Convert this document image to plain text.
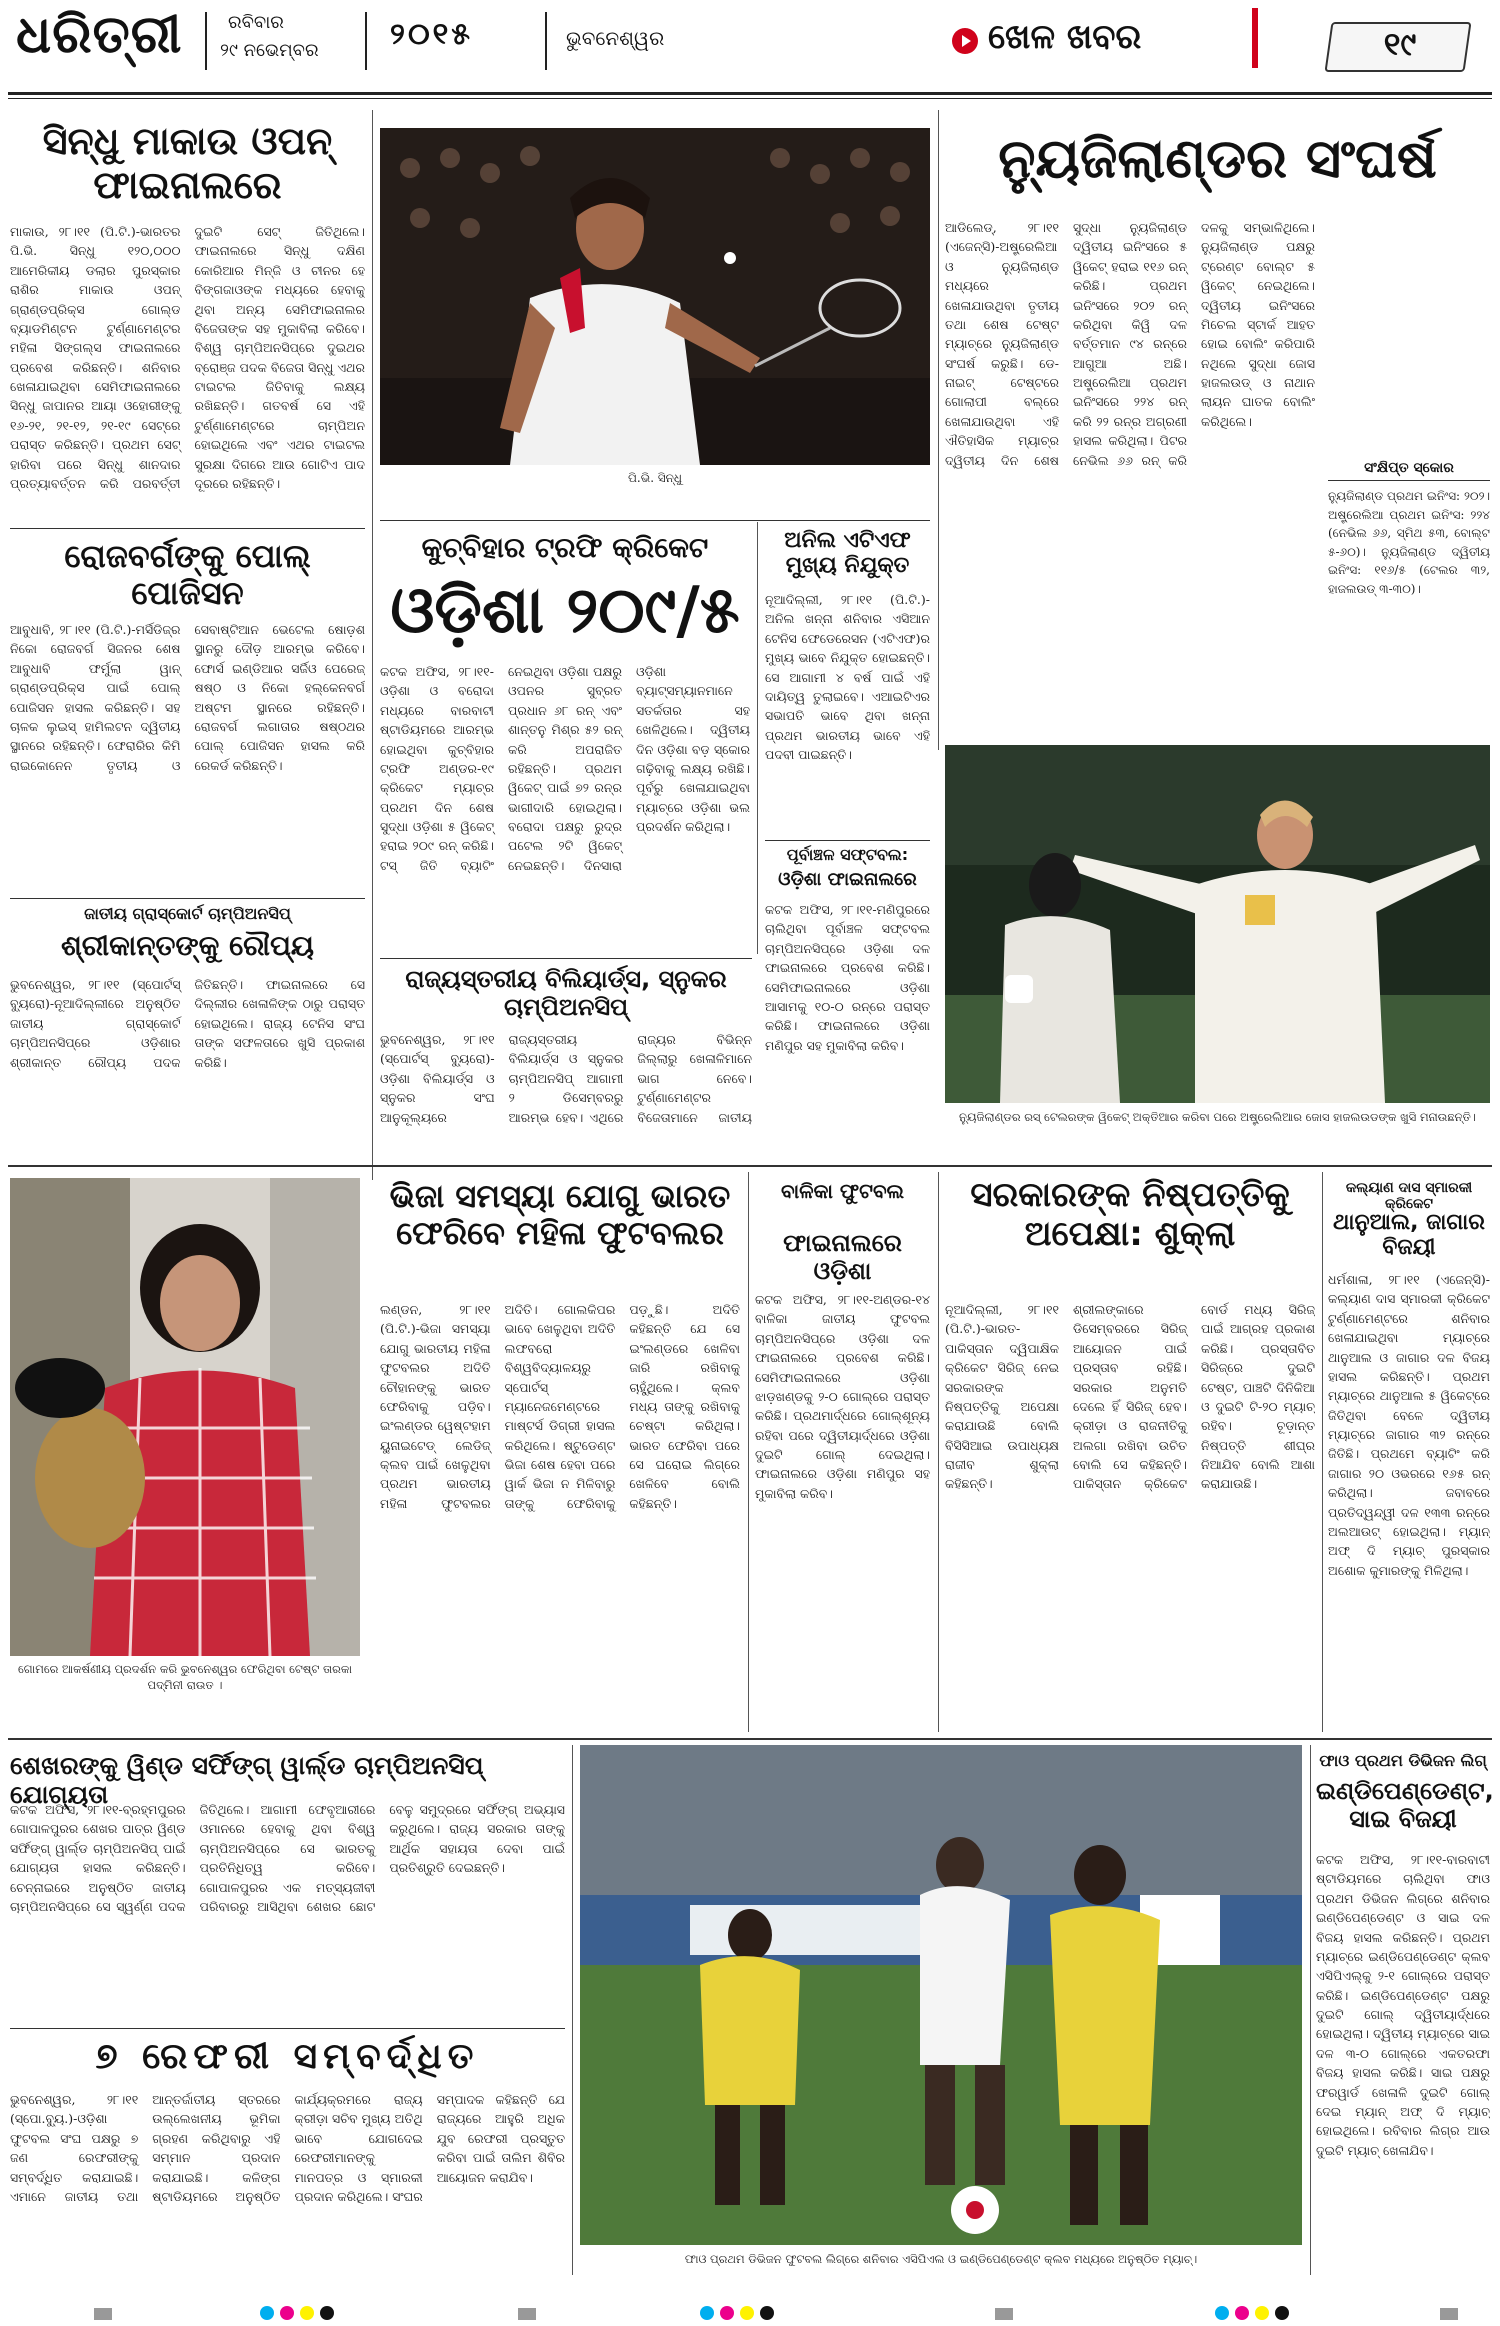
ଧରିତ୍ରୀ	ରବିବାର
୨୯ ନଭେମ୍ବର ୨୦୧୫	ଭୁବନେଶ୍ୱର	ଖେଳ ଖବର	୧୯
ସିନ୍ଧୁ ମାକାଉ ଓପନ୍ ଫାଇନାଲରେ
ମାକାଉ, ୨୮।୧୧ (ପି.ଟି.)-ଭାରତର ପି.ଭି. ସିନ୍ଧୁ ୧୨୦,୦୦୦ ଆମେରିକୀୟ ଡଲାର ପୁରସ୍କାର ରାଶିର ମାକାଉ ଓପନ୍ ଗ୍ରାଣ୍ଡପ୍ରିକ୍ସ ଗୋଲ୍ଡ ବ୍ୟାଡମିଣ୍ଟନ ଟୁର୍ଣ୍ଣାମେଣ୍ଟର ମହିଳା ସିଙ୍ଗଲ୍ସ ଫାଇନାଲରେ ପ୍ରବେଶ କରିଛନ୍ତି। ଶନିବାର ଖେଳାଯାଇଥିବା ସେମିଫାଇନାଲରେ ସିନ୍ଧୁ ଜାପାନର ଆୟା ଓହୋରୀଙ୍କୁ ୧୬-୨୧, ୨୧-୧୨, ୨୧-୧୯ ସେଟ୍‌ରେ ପରାସ୍ତ କରିଛନ୍ତି। ପ୍ରଥମ ସେଟ୍‌ ହାରିବା ପରେ ସିନ୍ଧୁ ଶାନଦାର ପ୍ରତ୍ୟାବର୍ତ୍ତନ କରି ପରବର୍ତ୍ତୀ ଦୁଇଟି ସେଟ୍‌ ଜିତିଥିଲେ। ଫାଇନାଲରେ ସିନ୍ଧୁ ଦକ୍ଷିଣ କୋରିଆର ମିନ୍ଜି ଓ ଚୀନର ହେ ବିଙ୍ଗଜାଓଙ୍କ ମଧ୍ୟରେ ହେବାକୁ ଥିବା ଅନ୍ୟ ସେମିଫାଇନାଲର ବିଜେତାଙ୍କ ସହ ମୁକାବିଲା କରିବେ। ବିଶ୍ୱ ଚାମ୍ପିଅନସିପ୍‌ରେ ଦୁଇଥର ବ୍ରୋଞ୍ଜ ପଦକ ବିଜେତା ସିନ୍ଧୁ ଏଥର ଟାଇଟଲ ଜିତିବାକୁ ଲକ୍ଷ୍ୟ ରଖିଛନ୍ତି। ଗତବର୍ଷ ସେ ଏହି ଟୁର୍ଣ୍ଣାମେଣ୍ଟରେ ଚାମ୍ପିଅନ ହୋଇଥିଲେ ଏବଂ ଏଥର ଟାଇଟଲ ସୁରକ୍ଷା ଦିଗରେ ଆଉ ଗୋଟିଏ ପାଦ ଦୂରରେ ରହିଛନ୍ତି।	ପି.ଭି. ସିନ୍ଧୁ
ନ୍ୟୁଜିଲାଣ୍ଡର ସଂଘର୍ଷ
ଆଡିଲେଡ୍, ୨୮।୧୧ (ଏଜେନ୍ସି)-ଅଷ୍ଟ୍ରେଲିଆ ଓ ନ୍ୟୁଜିଲାଣ୍ଡ ମଧ୍ୟରେ ଖେଳାଯାଉଥିବା ତୃତୀୟ ତଥା ଶେଷ ଟେଷ୍ଟ ମ୍ୟାଚ୍‌ରେ ନ୍ୟୁଜିଲାଣ୍ଡ ସଂଘର୍ଷ କରୁଛି। ଡେ-ନାଇଟ୍ ଟେଷ୍ଟରେ ଗୋଲାପୀ ବଲ୍‌ରେ ଖେଳାଯାଉଥିବା ଏହି ଐତିହାସିକ ମ୍ୟାଚ୍‌ର ଦ୍ୱିତୀୟ ଦିନ ଶେଷ ସୁଦ୍ଧା ନ୍ୟୁଜିଲାଣ୍ଡ ଦ୍ୱିତୀୟ ଇନିଂସରେ ୫ ୱିକେଟ୍ ହରାଇ ୧୧୬ ରନ୍ କରିଛି। ପ୍ରଥମ ଇନିଂସରେ ୨୦୨ ରନ୍ କରିଥିବା କିୱି ଦଳ ବର୍ତ୍ତମାନ ୯୪ ରନ୍‌ରେ ଆଗୁଆ ଅଛି। ଅଷ୍ଟ୍ରେଲିଆ ପ୍ରଥମ ଇନିଂସରେ ୨୨୪ ରନ୍ କରି ୨୨ ରନ୍‌ର ଅଗ୍ରଣୀ ହାସଲ କରିଥିଲା। ପିଟର ନେଭିଲ ୬୬ ରନ୍ କରି ଦଳକୁ ସମ୍ଭାଳିଥିଲେ। ନ୍ୟୁଜିଲାଣ୍ଡ ପକ୍ଷରୁ ଟ୍ରେଣ୍ଟ ବୋଲ୍ଟ ୫ ୱିକେଟ୍ ନେଇଥିଲେ। ଦ୍ୱିତୀୟ ଇନିଂସରେ ମିଚେଲ ସ୍ଟାର୍କ ଆହତ ହୋଇ ବୋଲିଂ କରିପାରି ନଥିଲେ ସୁଦ୍ଧା ଜୋସ ହାଜଲଉଡ୍ ଓ ନାଥାନ ଲାୟନ ଘାତକ ବୋଲିଂ କରିଥିଲେ।
ସଂକ୍ଷିପ୍ତ ସ୍କୋର
ନ୍ୟୁଜିଲାଣ୍ଡ ପ୍ରଥମ ଇନିଂସ: ୨୦୨। ଅଷ୍ଟ୍ରେଲିଆ ପ୍ରଥମ ଇନିଂସ: ୨୨୪ (ନେଭିଲ ୬୬, ସ୍ମିଥ ୫୩, ବୋଲ୍ଟ ୫-୬୦)। ନ୍ୟୁଜିଲାଣ୍ଡ ଦ୍ୱିତୀୟ ଇନିଂସ: ୧୧୬/୫ (ଟେଲର ୩୨, ହାଜଲଉଡ୍ ୩-୩୦)।
ରୋଜବର୍ଗଙ୍କୁ ପୋଲ୍ ପୋଜିସନ
ଆବୁଧାବି, ୨୮।୧୧ (ପି.ଟି.)-ମର୍ସିଡିଜ୍‌ର ନିକୋ ରୋଜବର୍ଗ ସିଜନର ଶେଷ ଆବୁଧାବି ଫର୍ମୁଲା ୱାନ୍ ଗ୍ରାଣ୍ଡପ୍ରିକ୍ସ ପାଇଁ ପୋଲ୍ ପୋଜିସନ ହାସଲ କରିଛନ୍ତି। ସହ ଚାଳକ ଲୁଇସ୍ ହାମିଲଟନ ଦ୍ୱିତୀୟ ସ୍ଥାନରେ ରହିଛନ୍ତି। ଫେରାରିର କିମି ରାଇକୋନେନ ତୃତୀୟ ଓ ସେବାଷ୍ଟିଆନ ଭେଟେଲ ଷୋଡ଼ଶ ସ୍ଥାନରୁ ଦୌଡ଼ ଆରମ୍ଭ କରିବେ। ଫୋର୍ସ ଇଣ୍ଡିଆର ସର୍ଜିଓ ପେରେଜ୍ ଷଷ୍ଠ ଓ ନିକୋ ହଲ୍‌କେନବର୍ଗ ଅଷ୍ଟମ ସ୍ଥାନରେ ରହିଛନ୍ତି। ରୋଜବର୍ଗ ଲଗାତାର ଷଷ୍ଠଥର ପୋଲ୍ ପୋଜିସନ ହାସଲ କରି ରେକର୍ଡ କରିଛନ୍ତି।
ଜାତୀୟ ଗ୍ରାସ୍କୋର୍ଟ ଚାମ୍ପିଅନସିପ୍
ଶ୍ରୀକାନ୍ତଙ୍କୁ ରୌପ୍ୟ
ଭୁବନେଶ୍ୱର, ୨୮।୧୧ (ସ୍ପୋର୍ଟସ୍ ବ୍ୟୁରୋ)-ନୂଆଦିଲ୍ଲୀରେ ଅନୁଷ୍ଠିତ ଜାତୀୟ ଗ୍ରାସ୍କୋର୍ଟ ଚାମ୍ପିଅନସିପ୍‌ରେ ଓଡ଼ିଶାର ଶ୍ରୀକାନ୍ତ ରୌପ୍ୟ ପଦକ ଜିତିଛନ୍ତି। ଫାଇନାଲରେ ସେ ଦିଲ୍ଲୀର ଖେଳାଳିଙ୍କ ଠାରୁ ପରାସ୍ତ ହୋଇଥିଲେ। ରାଜ୍ୟ ଟେନିସ ସଂଘ ତାଙ୍କ ସଫଳତାରେ ଖୁସି ପ୍ରକାଶ କରିଛି।
କୁଚ୍‌ବିହାର ଟ୍ରଫି କ୍ରିକେଟ
ଓଡ଼ିଶା ୨୦୯/୫
କଟକ ଅଫିସ, ୨୮।୧୧-ଓଡ଼ିଶା ଓ ବରୋଦା ମଧ୍ୟରେ ବାରବାଟୀ ଷ୍ଟାଡିୟମରେ ଆରମ୍ଭ ହୋଇଥିବା କୁଚ୍‌ବିହାର ଟ୍ରଫି ଅଣ୍ଡର-୧୯ କ୍ରିକେଟ ମ୍ୟାଚ୍‌ର ପ୍ରଥମ ଦିନ ଶେଷ ସୁଦ୍ଧା ଓଡ଼ିଶା ୫ ୱିକେଟ୍ ହରାଇ ୨୦୯ ରନ୍ କରିଛି। ଟସ୍ ଜିତି ବ୍ୟାଟିଂ ନେଇଥିବା ଓଡ଼ିଶା ପକ୍ଷରୁ ଓପନର ସୁବ୍ରତ ପ୍ରଧାନ ୬୮ ରନ୍ ଏବଂ ଶାନ୍ତନୁ ମିଶ୍ର ୫୨ ରନ୍ କରି ଅପରାଜିତ ରହିଛନ୍ତି। ପ୍ରଥମ ୱିକେଟ୍ ପାଇଁ ୭୨ ରନ୍‌ର ଭାଗୀଦାରି ହୋଇଥିଲା। ବରୋଦା ପକ୍ଷରୁ ରୁଦ୍ର ପଟେଲ ୨ଟି ୱିକେଟ୍ ନେଇଛନ୍ତି। ଦିନସାରା ଓଡ଼ିଶା ବ୍ୟାଟ୍ସମ୍ୟାନମାନେ ସତର୍କତାର ସହ ଖେଳିଥିଲେ। ଦ୍ୱିତୀୟ ଦିନ ଓଡ଼ିଶା ବଡ଼ ସ୍କୋର ଗଢ଼ିବାକୁ ଲକ୍ଷ୍ୟ ରଖିଛି। ପୂର୍ବରୁ ଖେଳାଯାଇଥିବା ମ୍ୟାଚ୍‌ରେ ଓଡ଼ିଶା ଭଲ ପ୍ରଦର୍ଶନ କରିଥିଲା।
ଅନିଲ ଏଟିଏଫ ମୁଖ୍ୟ ନିଯୁକ୍ତ
ନୂଆଦିଲ୍ଲୀ, ୨୮।୧୧ (ପି.ଟି.)-ଅନିଲ ଖନ୍ନା ଶନିବାର ଏସିଆନ ଟେନିସ ଫେଡେରେସନ (ଏଟିଏଫ)ର ମୁଖ୍ୟ ଭାବେ ନିଯୁକ୍ତ ହୋଇଛନ୍ତି। ସେ ଆଗାମୀ ୪ ବର୍ଷ ପାଇଁ ଏହି ଦାୟିତ୍ୱ ତୁଲାଇବେ। ଏଆଇଟିଏର ସଭାପତି ଭାବେ ଥିବା ଖନ୍ନା ପ୍ରଥମ ଭାରତୀୟ ଭାବେ ଏହି ପଦବୀ ପାଇଛନ୍ତି।
ପୂର୍ବାଞ୍ଚଳ ସଫ୍ଟବଲ:
ଓଡ଼ିଶା ଫାଇନାଲରେ
କଟକ ଅଫିସ, ୨୮।୧୧-ମଣିପୁରରେ ଚାଲିଥିବା ପୂର୍ବାଞ୍ଚଳ ସଫ୍ଟବଲ ଚାମ୍ପିଅନସିପ୍‌ରେ ଓଡ଼ିଶା ଦଳ ଫାଇନାଲରେ ପ୍ରବେଶ କରିଛି। ସେମିଫାଇନାଲରେ ଓଡ଼ିଶା ଆସାମକୁ ୧୦-୦ ରନ୍‌ରେ ପରାସ୍ତ କରିଛି। ଫାଇନାଲରେ ଓଡ଼ିଶା ମଣିପୁର ସହ ମୁକାବିଲା କରିବ।
ରାଜ୍ୟସ୍ତରୀୟ ବିଲିୟାର୍ଡ୍ସ, ସ୍ନୁକର ଚାମ୍ପିଅନସିପ୍
ଭୁବନେଶ୍ୱର, ୨୮।୧୧ (ସ୍ପୋର୍ଟସ୍ ବ୍ୟୁରୋ)-ଓଡ଼ିଶା ବିଲିୟାର୍ଡ୍ସ ଓ ସ୍ନୁକର ସଂଘ ଆନୁକୂଲ୍ୟରେ ରାଜ୍ୟସ୍ତରୀୟ ବିଲିୟାର୍ଡ୍ସ ଓ ସ୍ନୁକର ଚାମ୍ପିଅନସିପ୍ ଆଗାମୀ ୨ ଡିସେମ୍ବରରୁ ଆରମ୍ଭ ହେବ। ଏଥିରେ ରାଜ୍ୟର ବିଭିନ୍ନ ଜିଲ୍ଲାରୁ ଖେଳାଳିମାନେ ଭାଗ ନେବେ। ଟୁର୍ଣ୍ଣାମେଣ୍ଟର ବିଜେତାମାନେ ଜାତୀୟ	ନ୍ୟୁଜିଲାଣ୍ଡର ରସ୍ ଟେଲରଙ୍କ ୱିକେଟ୍ ଅକ୍ତିଆର କରିବା ପରେ ଅଷ୍ଟ୍ରେଲିଆର ଜୋସ ହାଜଲଉଡଙ୍କ ଖୁସି ମନାଉଛନ୍ତି।
ଗୋମରେ ଆକର୍ଷଣୀୟ ପ୍ରଦର୍ଶନ କରି ଭୁବନେଶ୍ୱର ଫେରିଥିବା ଟେଷ୍ଟ ତାରକା ପଦ୍ମିନୀ ରାଉତ ।
ଭିଜା ସମସ୍ୟା ଯୋଗୁ ଭାରତ ଫେରିବେ ମହିଳା ଫୁଟବଲର
ଲଣ୍ଡନ, ୨୮।୧୧ (ପି.ଟି.)-ଭିଜା ସମସ୍ୟା ଯୋଗୁ ଭାରତୀୟ ମହିଳା ଫୁଟବଲର ଅଦିତି ଚୌହାନଙ୍କୁ ଭାରତ ଫେରିବାକୁ ପଡ଼ିବ। ଇଂଲଣ୍ଡର ୱେଷ୍ଟହାମ ୟୁନାଇଟେଡ୍ ଲେଡିଜ୍ କ୍ଲବ ପାଇଁ ଖେଳୁଥିବା ପ୍ରଥମ ଭାରତୀୟ ମହିଳା ଫୁଟବଲର ଅଦିତି। ଗୋଲକିପର ଭାବେ ଖେଳୁଥିବା ଅଦିତି ଲଫବରୋ ବିଶ୍ୱବିଦ୍ୟାଳୟରୁ ସ୍ପୋର୍ଟସ୍ ମ୍ୟାନେଜମେଣ୍ଟରେ ମାଷ୍ଟର୍ସ ଡିଗ୍ରୀ ହାସଲ କରିଥିଲେ। ଷ୍ଟୁଡେଣ୍ଟ ଭିଜା ଶେଷ ହେବା ପରେ ୱାର୍କ ଭିଜା ନ ମିଳିବାରୁ ତାଙ୍କୁ ଫେରିବାକୁ ପଡ଼ୁଛି। ଅଦିତି କହିଛନ୍ତି ଯେ ସେ ଇଂଲଣ୍ଡରେ ଖେଳିବା ଜାରି ରଖିବାକୁ ଚାହୁଁଥିଲେ। କ୍ଲବ ମଧ୍ୟ ତାଙ୍କୁ ରଖିବାକୁ ଚେଷ୍ଟା କରିଥିଲା। ଭାରତ ଫେରିବା ପରେ ସେ ଘରୋଇ ଲିଗ୍‌ରେ ଖେଳିବେ ବୋଲି କହିଛନ୍ତି।
ବାଳିକା ଫୁଟବଲ
ଫାଇନାଲରେ ଓଡ଼ିଶା
କଟକ ଅଫିସ, ୨୮।୧୧-ଅଣ୍ଡର-୧୪ ବାଳିକା ଜାତୀୟ ଫୁଟବଲ ଚାମ୍ପିଅନସିପ୍‌ରେ ଓଡ଼ିଶା ଦଳ ଫାଇନାଲରେ ପ୍ରବେଶ କରିଛି। ସେମିଫାଇନାଲରେ ଓଡ଼ିଶା ଝାଡ଼ଖଣ୍ଡକୁ ୨-୦ ଗୋଲ୍‌ରେ ପରାସ୍ତ କରିଛି। ପ୍ରଥମାର୍ଦ୍ଧରେ ଗୋଲ୍‌ଶୂନ୍ୟ ରହିବା ପରେ ଦ୍ୱିତୀୟାର୍ଦ୍ଧରେ ଓଡ଼ିଶା ଦୁଇଟି ଗୋଲ୍ ଦେଇଥିଲା। ଫାଇନାଲରେ ଓଡ଼ିଶା ମଣିପୁର ସହ ମୁକାବିଲା କରିବ।
ସରକାରଙ୍କ ନିଷ୍ପତ୍ତିକୁ ଅପେକ୍ଷା: ଶୁକ୍ଲା
ନୂଆଦିଲ୍ଲୀ, ୨୮।୧୧ (ପି.ଟି.)-ଭାରତ-ପାକିସ୍ତାନ ଦ୍ୱିପାକ୍ଷିକ କ୍ରିକେଟ ସିରିଜ୍ ନେଇ ସରକାରଙ୍କ ନିଷ୍ପତ୍ତିକୁ ଅପେକ୍ଷା କରାଯାଉଛି ବୋଲି ବିସିସିଆଇ ଉପାଧ୍ୟକ୍ଷ ରାଜୀବ ଶୁକ୍ଲା କହିଛନ୍ତି। ଶ୍ରୀଲଙ୍କାରେ ଡିସେମ୍ବରରେ ସିରିଜ୍ ଆୟୋଜନ ପାଇଁ ପ୍ରସ୍ତାବ ରହିଛି। ସରକାର ଅନୁମତି ଦେଲେ ହିଁ ସିରିଜ୍ ହେବ। କ୍ରୀଡ଼ା ଓ ରାଜନୀତିକୁ ଅଲଗା ରଖିବା ଉଚିତ ବୋଲି ସେ କହିଛନ୍ତି। ପାକିସ୍ତାନ କ୍ରିକେଟ ବୋର୍ଡ ମଧ୍ୟ ସିରିଜ୍ ପାଇଁ ଆଗ୍ରହ ପ୍ରକାଶ କରିଛି। ପ୍ରସ୍ତାବିତ ସିରିଜ୍‌ରେ ଦୁଇଟି ଟେଷ୍ଟ, ପାଞ୍ଚଟି ଦିନିକିଆ ଓ ଦୁଇଟି ଟି-୨୦ ମ୍ୟାଚ୍ ରହିବ। ଚୂଡ଼ାନ୍ତ ନିଷ୍ପତ୍ତି ଶୀଘ୍ର ନିଆଯିବ ବୋଲି ଆଶା କରାଯାଉଛି।
କଲ୍ୟାଣ ଦାସ ସ୍ମାରକୀ କ୍ରିକେଟ
ଥାନୁଆଲ, ଜାଗାର ବିଜୟୀ
ଧର୍ମଶାଳା, ୨୮।୧୧ (ଏଜେନ୍ସି)-କଲ୍ୟାଣ ଦାସ ସ୍ମାରକୀ କ୍ରିକେଟ ଟୁର୍ଣ୍ଣାମେଣ୍ଟରେ ଶନିବାର ଖେଳାଯାଇଥିବା ମ୍ୟାଚ୍‌ରେ ଥାନୁଆଲ ଓ ଜାଗାର ଦଳ ବିଜୟ ହାସଲ କରିଛନ୍ତି। ପ୍ରଥମ ମ୍ୟାଚ୍‌ରେ ଥାନୁଆଲ ୫ ୱିକେଟ୍‌ରେ ଜିତିଥିବା ବେଳେ ଦ୍ୱିତୀୟ ମ୍ୟାଚ୍‌ରେ ଜାଗାର ୩୨ ରନ୍‌ରେ ଜିତିଛି। ପ୍ରଥମେ ବ୍ୟାଟିଂ କରି ଜାଗାର ୨୦ ଓଭରରେ ୧୬୫ ରନ୍ କରିଥିଲା। ଜବାବରେ ପ୍ରତିଦ୍ୱନ୍ଦ୍ୱୀ ଦଳ ୧୩୩ ରନ୍‌ରେ ଅଲଆଉଟ୍ ହୋଇଥିଲା। ମ୍ୟାନ୍ ଅଫ୍ ଦି ମ୍ୟାଚ୍ ପୁରସ୍କାର ଅଶୋକ କୁମାରଙ୍କୁ ମିଳିଥିଲା।
ଶେଖରଙ୍କୁ ୱିଣ୍ଡ ସର୍ଫିଙ୍ଗ୍ ୱାର୍ଲ୍ଡ ଚାମ୍ପିଅନସିପ୍ ଯୋଗ୍ୟତା
କଟକ ଅଫିସ, ୨୮।୧୧-ବ୍ରହ୍ମପୁରର ଗୋପାଳପୁରର ଶେଖର ପାତ୍ର ୱିଣ୍ଡ ସର୍ଫିଙ୍ଗ୍ ୱାର୍ଲ୍ଡ ଚାମ୍ପିଅନସିପ୍ ପାଇଁ ଯୋଗ୍ୟତା ହାସଲ କରିଛନ୍ତି। ଚେନ୍ନାଇରେ ଅନୁଷ୍ଠିତ ଜାତୀୟ ଚାମ୍ପିଅନସିପ୍‌ରେ ସେ ସ୍ୱର୍ଣ୍ଣ ପଦକ ଜିତିଥିଲେ। ଆଗାମୀ ଫେବୃଆରୀରେ ଓମାନରେ ହେବାକୁ ଥିବା ବିଶ୍ୱ ଚାମ୍ପିଅନସିପ୍‌ରେ ସେ ଭାରତକୁ ପ୍ରତିନିଧିତ୍ୱ କରିବେ। ଗୋପାଳପୁରର ଏକ ମତ୍ସ୍ୟଜୀବୀ ପରିବାରରୁ ଆସିଥିବା ଶେଖର ଛୋଟ ବେଳୁ ସମୁଦ୍ରରେ ସର୍ଫିଙ୍ଗ୍ ଅଭ୍ୟାସ କରୁଥିଲେ। ରାଜ୍ୟ ସରକାର ତାଙ୍କୁ ଆର୍ଥିକ ସହାୟତା ଦେବା ପାଇଁ ପ୍ରତିଶ୍ରୁତି ଦେଇଛନ୍ତି।
୭ ରେଫରୀ ସମ୍ବର୍ଦ୍ଧିତ
ଭୁବନେଶ୍ୱର, ୨୮।୧୧ (ସ୍ପୋ.ବ୍ୟୁ.)-ଓଡ଼ିଶା ଫୁଟବଲ ସଂଘ ପକ୍ଷରୁ ୭ ଜଣ ରେଫରୀଙ୍କୁ ସମ୍ବର୍ଦ୍ଧିତ କରାଯାଇଛି। ଏମାନେ ଜାତୀୟ ତଥା ଆନ୍ତର୍ଜାତୀୟ ସ୍ତରରେ ଉଲ୍ଲେଖନୀୟ ଭୂମିକା ଗ୍ରହଣ କରିଥିବାରୁ ଏହି ସମ୍ମାନ ପ୍ରଦାନ କରାଯାଇଛି। କଳିଙ୍ଗ ଷ୍ଟାଡିୟମରେ ଅନୁଷ୍ଠିତ କାର୍ଯ୍ୟକ୍ରମରେ ରାଜ୍ୟ କ୍ରୀଡ଼ା ସଚିବ ମୁଖ୍ୟ ଅତିଥି ଭାବେ ଯୋଗଦେଇ ରେଫରୀମାନଙ୍କୁ ମାନପତ୍ର ଓ ସ୍ମାରକୀ ପ୍ରଦାନ କରିଥିଲେ। ସଂଘର ସମ୍ପାଦକ କହିଛନ୍ତି ଯେ ରାଜ୍ୟରେ ଆହୁରି ଅଧିକ ଯୁବ ରେଫରୀ ପ୍ରସ୍ତୁତ କରିବା ପାଇଁ ତାଲିମ ଶିବିର ଆୟୋଜନ କରାଯିବ।
ଫାଓ ପ୍ରଥମ ଡିଭିଜନ ଫୁଟବଲ ଲିଗ୍‌ରେ ଶନିବାର ଏସିପିଏଲ ଓ ଇଣ୍ଡିପେଣ୍ଡେଣ୍ଟ କ୍ଲବ ମଧ୍ୟରେ ଅନୁଷ୍ଠିତ ମ୍ୟାଚ୍।
ଫାଓ ପ୍ରଥମ ଡିଭିଜନ ଲିଗ୍
ଇଣ୍ଡିପେଣ୍ଡେଣ୍ଟ, ସାଇ ବିଜୟୀ
କଟକ ଅଫିସ, ୨୮।୧୧-ବାରବାଟୀ ଷ୍ଟାଡିୟମରେ ଚାଲିଥିବା ଫାଓ ପ୍ରଥମ ଡିଭିଜନ ଲିଗ୍‌ରେ ଶନିବାର ଇଣ୍ଡିପେଣ୍ଡେଣ୍ଟ ଓ ସାଇ ଦଳ ବିଜୟ ହାସଲ କରିଛନ୍ତି। ପ୍ରଥମ ମ୍ୟାଚ୍‌ରେ ଇଣ୍ଡିପେଣ୍ଡେଣ୍ଟ କ୍ଲବ ଏସିପିଏଲ୍‌କୁ ୨-୧ ଗୋଲ୍‌ରେ ପରାସ୍ତ କରିଛି। ଇଣ୍ଡିପେଣ୍ଡେଣ୍ଟ ପକ୍ଷରୁ ଦୁଇଟି ଗୋଲ୍ ଦ୍ୱିତୀୟାର୍ଦ୍ଧରେ ହୋଇଥିଲା। ଦ୍ୱିତୀୟ ମ୍ୟାଚ୍‌ରେ ସାଇ ଦଳ ୩-୦ ଗୋଲ୍‌ରେ ଏକତରଫା ବିଜୟ ହାସଲ କରିଛି। ସାଇ ପକ୍ଷରୁ ଫରୱାର୍ଡ ଖେଳାଳି ଦୁଇଟି ଗୋଲ୍ ଦେଇ ମ୍ୟାନ୍ ଅଫ୍ ଦି ମ୍ୟାଚ୍ ହୋଇଥିଲେ। ରବିବାର ଲିଗ୍‌ର ଆଉ ଦୁଇଟି ମ୍ୟାଚ୍ ଖେଳାଯିବ।
